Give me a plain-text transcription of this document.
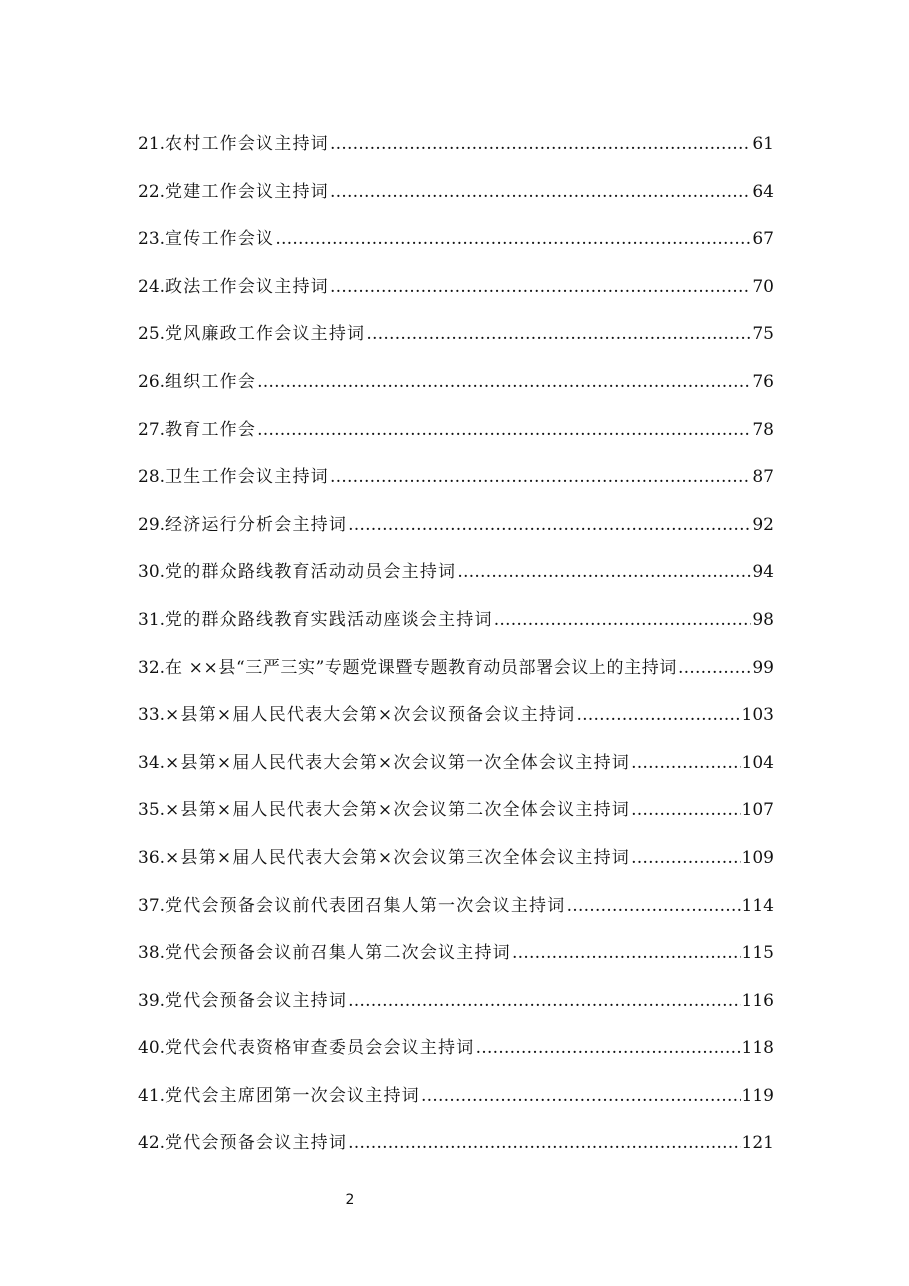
21. 农村工作会议主持词 ……………………………………………………………………………………………………………………………………	61
22. 党建工作会议主持词 ……………………………………………………………………………………………………………………………………	64
23. 宣传工作会议 ……………………………………………………………………………………………………………………………………	67
24. 政法工作会议主持词 ……………………………………………………………………………………………………………………………………	70
25. 党风廉政工作会议主持词 ……………………………………………………………………………………………………………………………………	75
26. 组织工作会 ……………………………………………………………………………………………………………………………………	76
27. 教育工作会 ……………………………………………………………………………………………………………………………………	78
28. 卫生工作会议主持词 ……………………………………………………………………………………………………………………………………	87
29. 经济运行分析会主持词 ……………………………………………………………………………………………………………………………………	92
30. 党的群众路线教育活动动员会主持词 ……………………………………………………………………………………………………………………………………	94
31. 党的群众路线教育实践活动座谈会主持词 ……………………………………………………………………………………………………………………………………	98
32. 在 ××县“三严三实”专题党课暨专题教育动员部署会议上的主持词 ……………………………………………………………………………………………………………………………………	99
33. ×县第×届人民代表大会第×次会议预备会议主持词 ……………………………………………………………………………………………………………………………………	103
34. ×县第×届人民代表大会第×次会议第一次全体会议主持词 ……………………………………………………………………………………………………………………………………	104
35. ×县第×届人民代表大会第×次会议第二次全体会议主持词 ……………………………………………………………………………………………………………………………………	107
36. ×县第×届人民代表大会第×次会议第三次全体会议主持词 ……………………………………………………………………………………………………………………………………	109
37. 党代会预备会议前代表团召集人第一次会议主持词 ……………………………………………………………………………………………………………………………………	114
38. 党代会预备会议前召集人第二次会议主持词 ……………………………………………………………………………………………………………………………………	115
39. 党代会预备会议主持词 ……………………………………………………………………………………………………………………………………	116
40. 党代会代表资格审查委员会会议主持词 ……………………………………………………………………………………………………………………………………	118
41. 党代会主席团第一次会议主持词 ……………………………………………………………………………………………………………………………………	119
42. 党代会预备会议主持词 ……………………………………………………………………………………………………………………………………	121
2
